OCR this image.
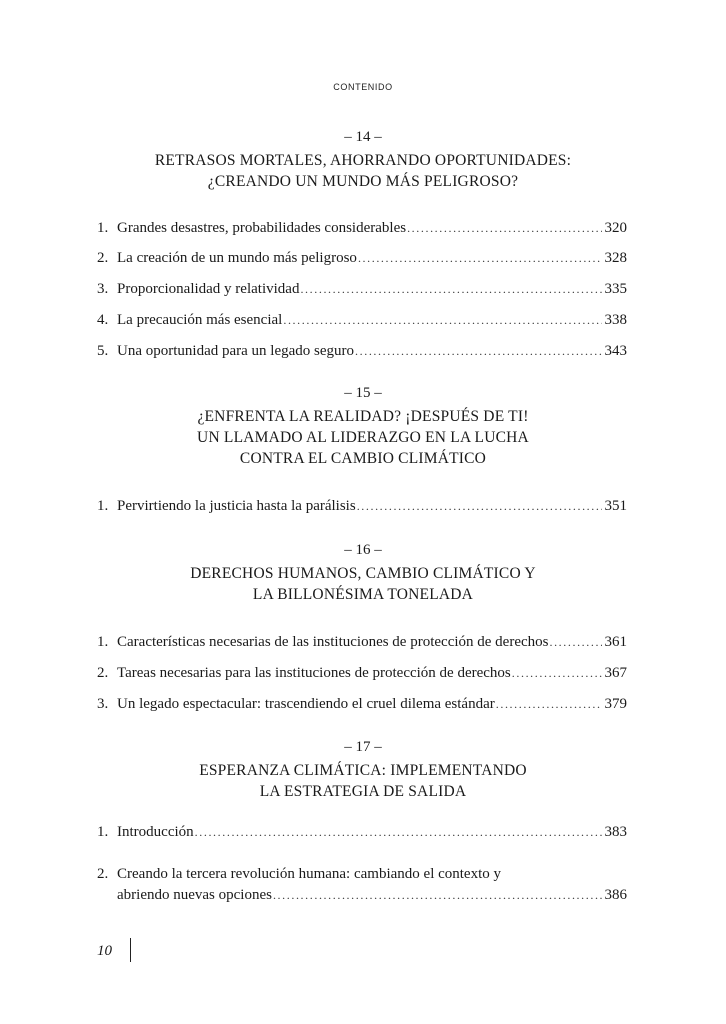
CONTENIDO
– 14 –
RETRASOS MORTALES, AHORRANDO OPORTUNIDADES:
¿CREANDO UN MUNDO MÁS PELIGROSO?
1. Grandes desastres, probabilidades considerables .....	320
2. La creación de un mundo más peligroso .....	328
3. Proporcionalidad y relatividad .....	335
4. La precaución más esencial .....	338
5. Una oportunidad para un legado seguro .....	343
– 15 –
¿ENFRENTA LA REALIDAD? ¡DESPUÉS DE TI!
UN LLAMADO AL LIDERAZGO EN LA LUCHA
CONTRA EL CAMBIO CLIMÁTICO
1. Pervirtiendo la justicia hasta la parálisis .....	351
– 16 –
DERECHOS HUMANOS, CAMBIO CLIMÁTICO Y
LA BILLONÉSIMA TONELADA
1. Características necesarias de las instituciones de protección de derechos .....	361
2. Tareas necesarias para las instituciones de protección de derechos .....	367
3. Un legado espectacular: trascendiendo el cruel dilema estándar .....	379
– 17 –
ESPERANZA CLIMÁTICA: IMPLEMENTANDO
LA ESTRATEGIA DE SALIDA
1. Introducción .....	383
2. Creando la tercera revolución humana: cambiando el contexto y
abriendo nuevas opciones .....	386
10
